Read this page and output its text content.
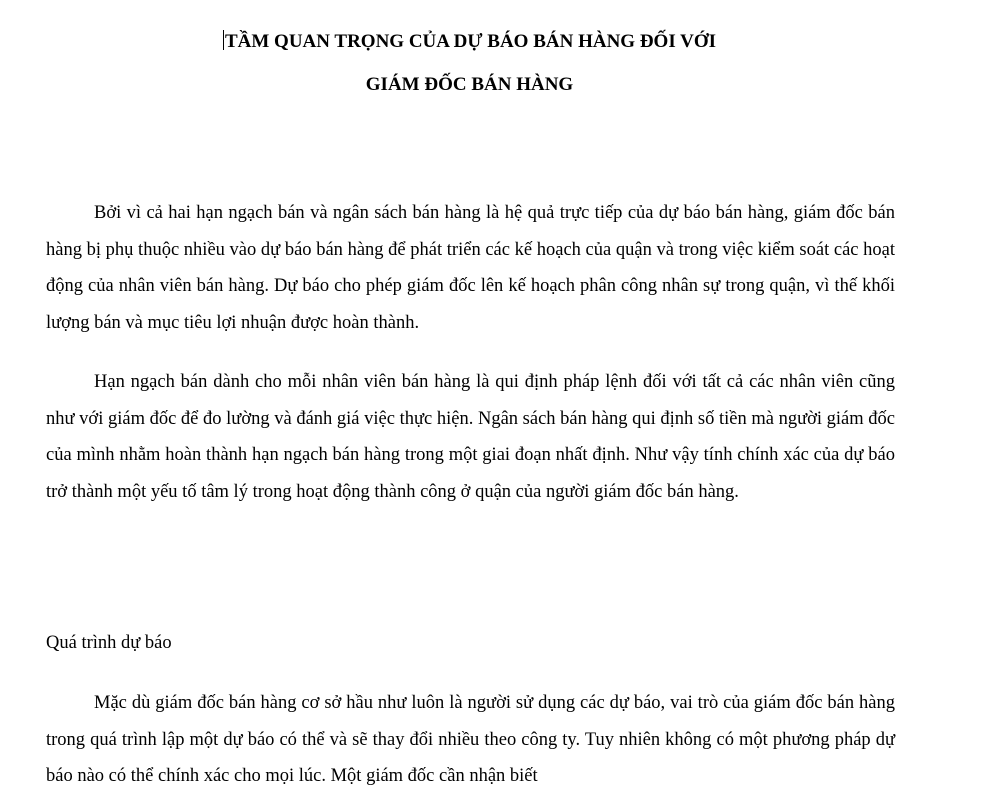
TẦM QUAN TRỌNG CỦA DỰ BÁO BÁN HÀNG ĐỐI VỚI
GIÁM ĐỐC BÁN HÀNG

Bởi vì cả hai hạn ngạch bán và ngân sách bán hàng là hệ quả trực tiếp của dự báo bán hàng, giám đốc bán hàng bị phụ thuộc nhiều vào dự báo bán hàng để phát triển các kế hoạch của quận và trong việc kiểm soát các hoạt động của nhân viên bán hàng. Dự báo cho phép giám đốc lên kế hoạch phân công nhân sự trong quận, vì thế khối lượng bán và mục tiêu lợi nhuận được hoàn thành.

Hạn ngạch bán dành cho mỗi nhân viên bán hàng là qui định pháp lệnh đối với tất cả các nhân viên cũng như với giám đốc để đo lường và đánh giá việc thực hiện. Ngân sách bán hàng qui định số tiền mà người giám đốc của mình nhằm hoàn thành hạn ngạch bán hàng trong một giai đoạn nhất định. Như vậy tính chính xác của dự báo trở thành một yếu tố tâm lý trong hoạt động thành công ở quận của người giám đốc bán hàng.

Quá trình dự báo

Mặc dù giám đốc bán hàng cơ sở hầu như luôn là người sử dụng các dự báo, vai trò của giám đốc bán hàng trong quá trình lập một dự báo có thể và sẽ thay đổi nhiều theo công ty. Tuy nhiên không có một phương pháp dự báo nào có thể chính xác cho mọi lúc. Một giám đốc cần nhận biết
